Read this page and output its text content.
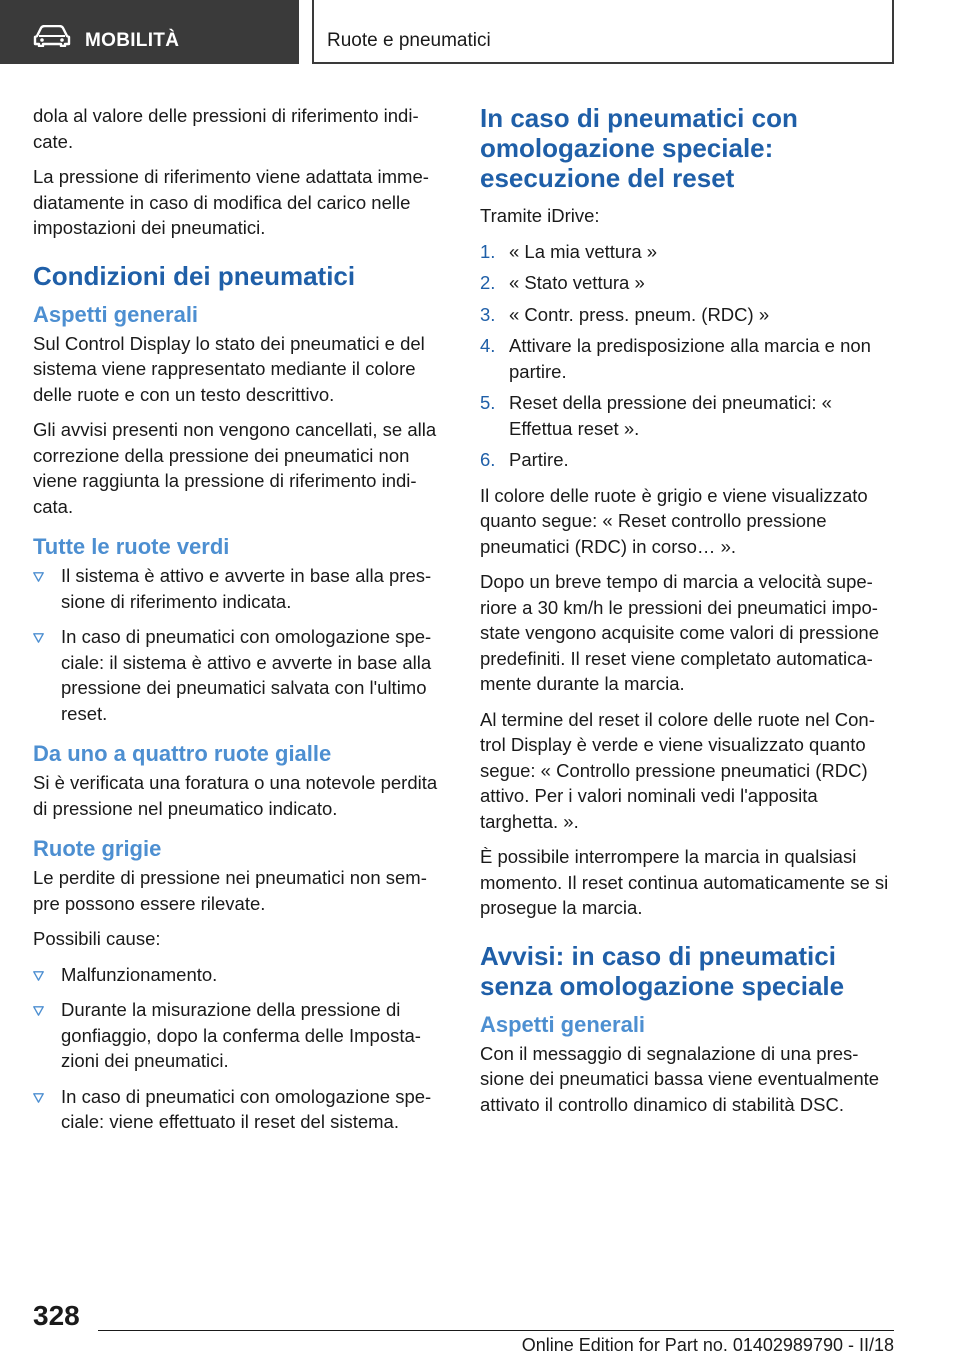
MOBILITÀ	Ruote e pneumatici

dola al valore delle pressioni di riferimento indi-cate.

La pressione di riferimento viene adattata imme-diatamente in caso di modifica del carico nelle impostazioni dei pneumatici.

Condizioni dei pneumatici
Aspetti generali

Sul Control Display lo stato dei pneumatici e del sistema viene rappresentato mediante il colore delle ruote e con un testo descrittivo.

Gli avvisi presenti non vengono cancellati, se alla correzione della pressione dei pneumatici non viene raggiunta la pressione di riferimento indi-cata.

Tutte le ruote verdi
Il sistema è attivo e avverte in base alla pres-sione di riferimento indicata.
In caso di pneumatici con omologazione spe-ciale: il sistema è attivo e avverte in base alla pressione dei pneumatici salvata con l'ultimo reset.
Da uno a quattro ruote gialle

Si è verificata una foratura o una notevole perdita di pressione nel pneumatico indicato.

Ruote grigie

Le perdite di pressione nei pneumatici non sem-pre possono essere rilevate.

Possibili cause:

Malfunzionamento.
Durante la misurazione della pressione di gonfiaggio, dopo la conferma delle Imposta-zioni dei pneumatici.
In caso di pneumatici con omologazione spe-ciale: viene effettuato il reset del sistema.
In caso di pneumatici con omologazione speciale: esecuzione del reset

Tramite iDrive:

1. « La mia vettura »
2. « Stato vettura »
3. « Contr. press. pneum. (RDC) »
4. Attivare la predisposizione alla marcia e non partire.
5. Reset della pressione dei pneumatici: « Effettua reset ».
6. Partire.

Il colore delle ruote è grigio e viene visualizzato quanto segue: « Reset controllo pressione pneumatici (RDC) in corso… ».

Dopo un breve tempo di marcia a velocità supe-riore a 30 km/h le pressioni dei pneumatici impo-state vengono acquisite come valori di pressione predefiniti. Il reset viene completato automatica-mente durante la marcia.

Al termine del reset il colore delle ruote nel Con-trol Display è verde e viene visualizzato quanto segue: « Controllo pressione pneumatici (RDC) attivo. Per i valori nominali vedi l'apposita targhetta. ».

È possibile interrompere la marcia in qualsiasi momento. Il reset continua automaticamente se si prosegue la marcia.

Avvisi: in caso di pneumatici senza omologazione speciale
Aspetti generali

Con il messaggio di segnalazione di una pres-sione dei pneumatici bassa viene eventualmente attivato il controllo dinamico di stabilità DSC.

328
Online Edition for Part no. 01402989790 - II/18
